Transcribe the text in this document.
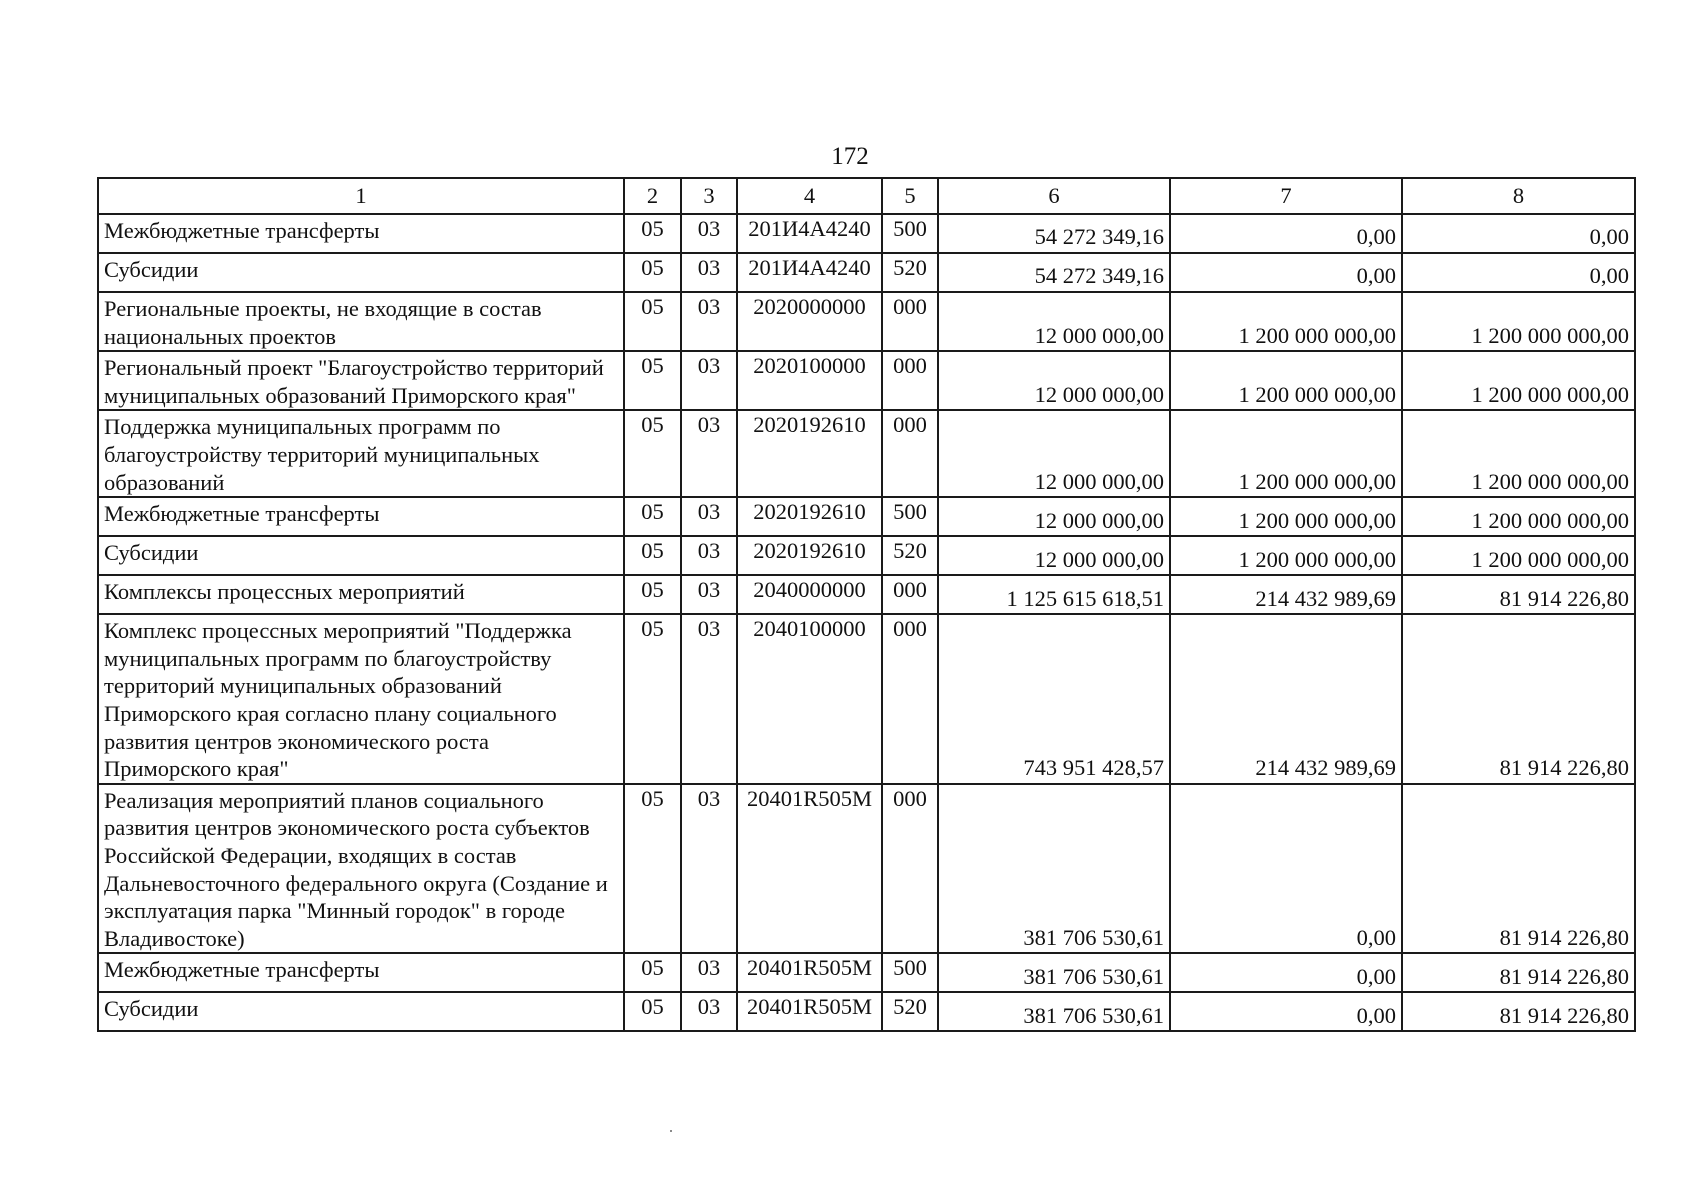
172
1	2	3	4	5	6	7	8
Межбюджетные трансферты	05	03	201И4А4240	500	54 272 349,16	0,00	0,00
Субсидии	05	03	201И4А4240	520	54 272 349,16	0,00	0,00
Региональные проекты, не входящие в состав национальных проектов	05	03	2020000000	000	12 000 000,00	1 200 000 000,00	1 200 000 000,00
Региональный проект "Благоустройство территорий муниципальных образований Приморского края"	05	03	2020100000	000	12 000 000,00	1 200 000 000,00	1 200 000 000,00
Поддержка муниципальных программ по благоустройству территорий муниципальных образований	05	03	2020192610	000	12 000 000,00	1 200 000 000,00	1 200 000 000,00
Межбюджетные трансферты	05	03	2020192610	500	12 000 000,00	1 200 000 000,00	1 200 000 000,00
Субсидии	05	03	2020192610	520	12 000 000,00	1 200 000 000,00	1 200 000 000,00
Комплексы процессных мероприятий	05	03	2040000000	000	1 125 615 618,51	214 432 989,69	81 914 226,80
Комплекс процессных мероприятий "Поддержка муниципальных программ по благоустройству территорий муниципальных образований Приморского края согласно плану социального развития центров экономического роста Приморского края"	05	03	2040100000	000	743 951 428,57	214 432 989,69	81 914 226,80
Реализация мероприятий планов социального развития центров экономического роста субъектов Российской Федерации, входящих в состав Дальневосточного федерального округа (Создание и эксплуатация парка "Минный городок" в городе Владивостоке)	05	03	20401R505M	000	381 706 530,61	0,00	81 914 226,80
Межбюджетные трансферты	05	03	20401R505M	500	381 706 530,61	0,00	81 914 226,80
Субсидии	05	03	20401R505M	520	381 706 530,61	0,00	81 914 226,80
